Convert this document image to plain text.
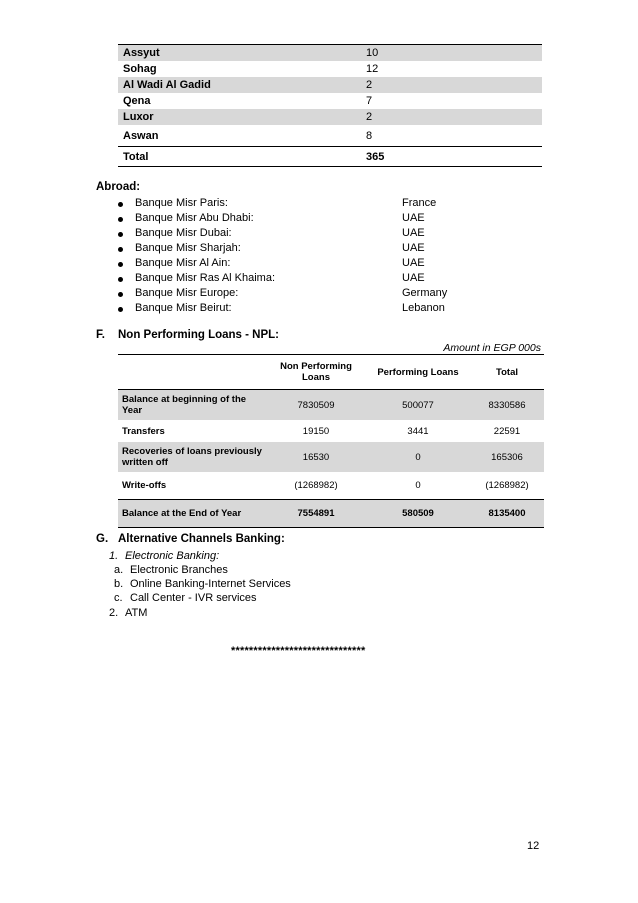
Assyut	10
Sohag	12
Al Wadi Al Gadid	2
Qena	7
Luxor	2
Aswan	8
Total	365
Abroad:
Banque Misr Paris:	France
Banque Misr Abu Dhabi:	UAE
Banque Misr Dubai:	UAE
Banque Misr Sharjah:	UAE
Banque Misr Al Ain:	UAE
Banque Misr Ras Al Khaima:	UAE
Banque Misr Europe:	Germany
Banque Misr Beirut:	Lebanon
F. Non Performing Loans - NPL:
Amount in EGP 000s
	Non Performing Loans	Performing Loans	Total
Balance at beginning of the Year	7830509	500077	8330586
Transfers	19150	3441	22591
Recoveries of loans previously written off	16530	0	165306
Write-offs	(1268982)	0	(1268982)
Balance at the End of Year	7554891	580509	8135400
G. Alternative Channels Banking:
1. Electronic Banking:
a. Electronic Branches
b. Online Banking-Internet Services
c. Call Center - IVR services
2. ATM
******************************
12
